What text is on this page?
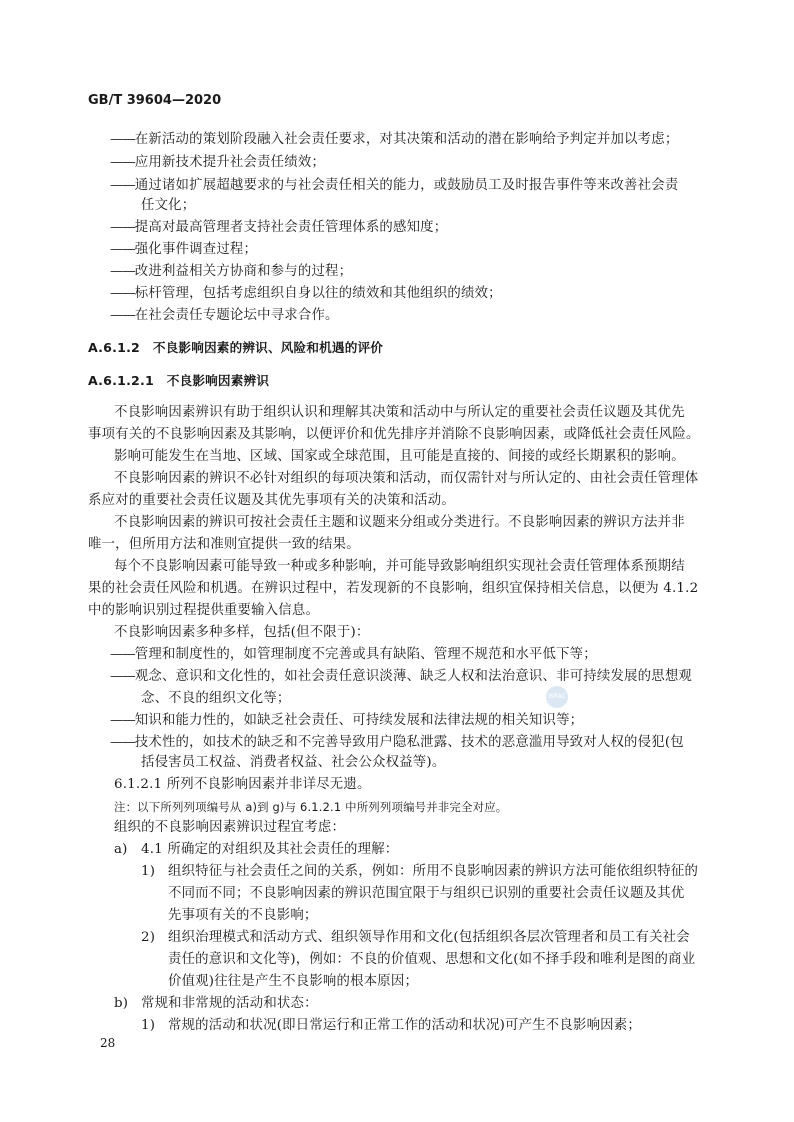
GB/T 39604—2020
——在新活动的策划阶段融入社会责任要求，对其决策和活动的潜在影响给予判定并加以考虑；
——应用新技术提升社会责任绩效；
——通过诸如扩展超越要求的与社会责任相关的能力，或鼓励员工及时报告事件等来改善社会责
任文化；
——提高对最高管理者支持社会责任管理体系的感知度；
——强化事件调查过程；
——改进利益相关方协商和参与的过程；
——标杆管理，包括考虑组织自身以往的绩效和其他组织的绩效；
——在社会责任专题论坛中寻求合作。
A.6.1.2　不良影响因素的辨识、风险和机遇的评价
A.6.1.2.1　不良影响因素辨识
不良影响因素辨识有助于组织认识和理解其决策和活动中与所认定的重要社会责任议题及其优先
事项有关的不良影响因素及其影响，以便评价和优先排序并消除不良影响因素，或降低社会责任风险。
影响可能发生在当地、区域、国家或全球范围，且可能是直接的、间接的或经长期累积的影响。
不良影响因素的辨识不必针对组织的每项决策和活动，而仅需针对与所认定的、由社会责任管理体
系应对的重要社会责任议题及其优先事项有关的决策和活动。
不良影响因素的辨识可按社会责任主题和议题来分组或分类进行。不良影响因素的辨识方法并非
唯一，但所用方法和准则宜提供一致的结果。
每个不良影响因素可能导致一种或多种影响，并可能导致影响组织实现社会责任管理体系预期结
果的社会责任风险和机遇。在辨识过程中，若发现新的不良影响，组织宜保持相关信息，以便为 4.1.2
中的影响识别过程提供重要输入信息。
不良影响因素多种多样，包括(但不限于)：
——管理和制度性的，如管理制度不完善或具有缺陷、管理不规范和水平低下等；
——观念、意识和文化性的，如社会责任意识淡薄、缺乏人权和法治意识、非可持续发展的思想观
念、不良的组织文化等；
——知识和能力性的，如缺乏社会责任、可持续发展和法律法规的相关知识等；
——技术性的，如技术的缺乏和不完善导致用户隐私泄露、技术的恶意滥用导致对人权的侵犯(包
括侵害员工权益、消费者权益、社会公众权益等)。
ISRAC
6.1.2.1 所列不良影响因素并非详尽无遗。
注：以下所列列项编号从 a)到 g)与 6.1.2.1 中所列列项编号并非完全对应。
组织的不良影响因素辨识过程宜考虑：
a) 4.1 所确定的对组织及其社会责任的理解：
1) 组织特征与社会责任之间的关系，例如：所用不良影响因素的辨识方法可能依组织特征的
不同而不同；不良影响因素的辨识范围宜限于与组织已识别的重要社会责任议题及其优
先事项有关的不良影响；
2) 组织治理模式和活动方式、组织领导作用和文化(包括组织各层次管理者和员工有关社会
责任的意识和文化等)，例如：不良的价值观、思想和文化(如不择手段和唯利是图的商业
价值观)往往是产生不良影响的根本原因；
b) 常规和非常规的活动和状态：
1) 常规的活动和状况(即日常运行和正常工作的活动和状况)可产生不良影响因素；
28
